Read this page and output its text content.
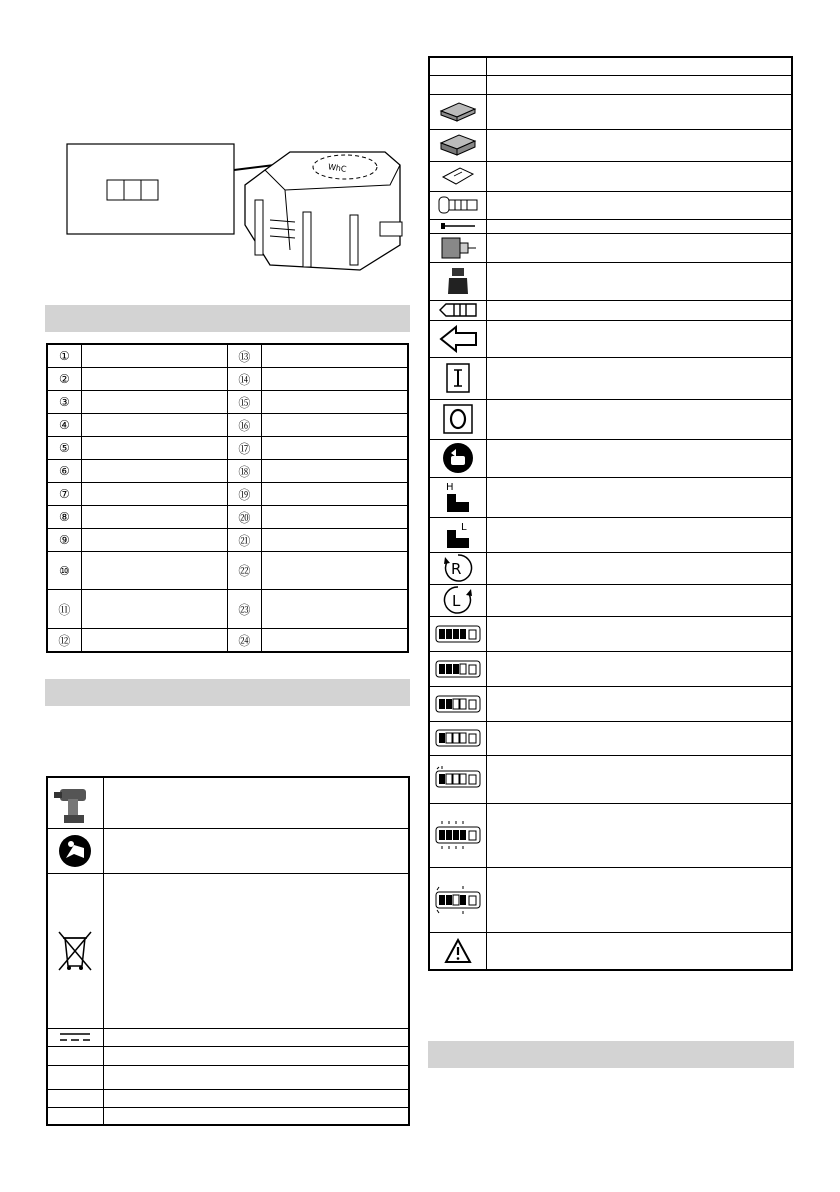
WhC
①		⑬	
②		⑭	
③		⑮	
④		⑯	
⑤		⑰	
⑥		⑱	
⑦		⑲	
⑧		⑳	
⑨		㉑	
⑩		㉒	
⑪		㉓	
⑫		㉔	

H	

L	

R	

L	
